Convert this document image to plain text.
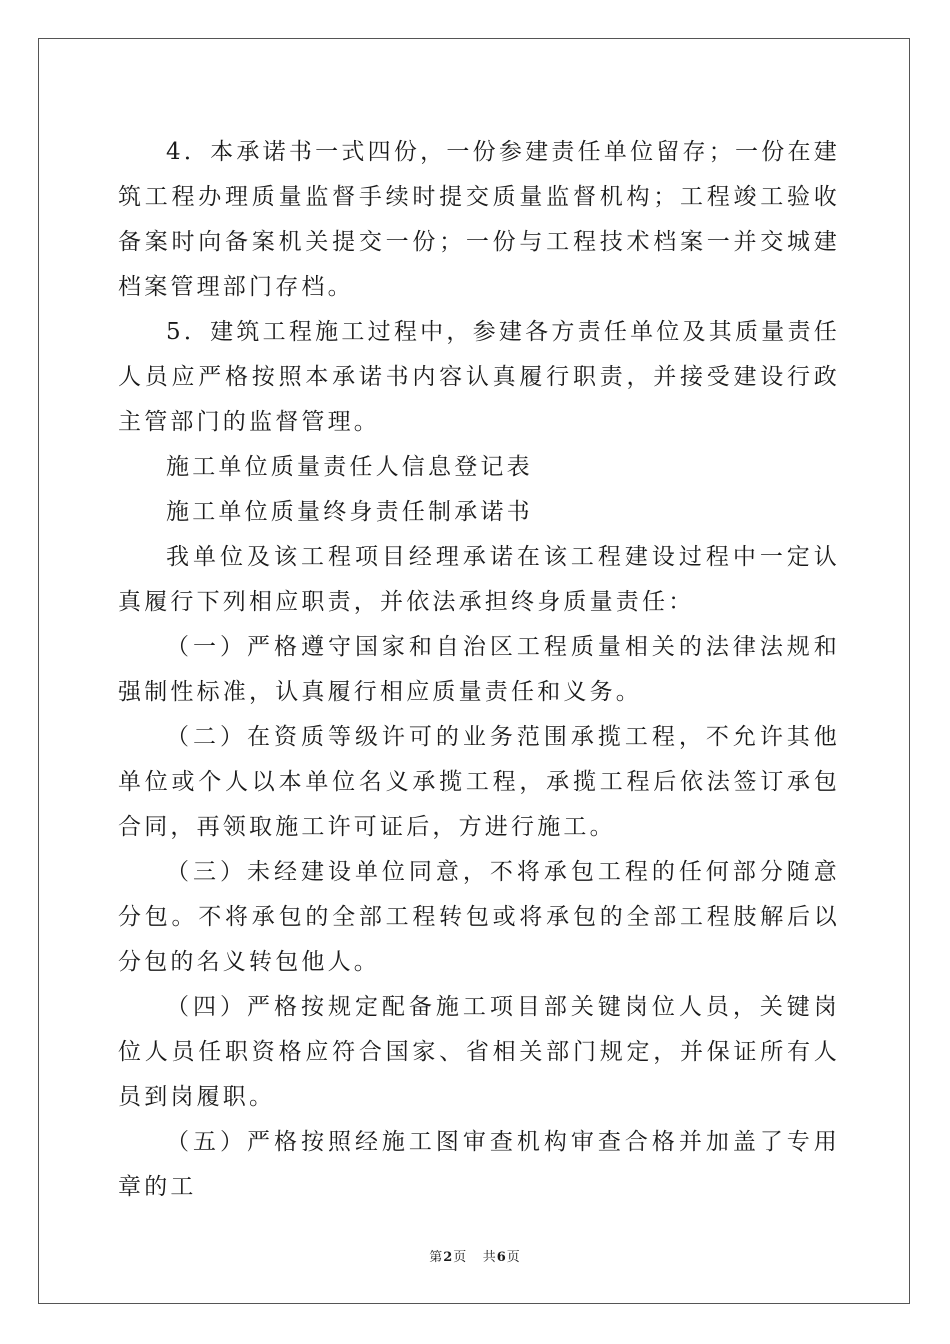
4．本承诺书一式四份，一份参建责任单位留存；一份在建筑工程办理质量监督手续时提交质量监督机构；工程竣工验收备案时向备案机关提交一份；一份与工程技术档案一并交城建档案管理部门存档。

5．建筑工程施工过程中，参建各方责任单位及其质量责任人员应严格按照本承诺书内容认真履行职责，并接受建设行政主管部门的监督管理。

施工单位质量责任人信息登记表

施工单位质量终身责任制承诺书

我单位及该工程项目经理承诺在该工程建设过程中一定认真履行下列相应职责，并依法承担终身质量责任：

（一）严格遵守国家和自治区工程质量相关的法律法规和强制性标准，认真履行相应质量责任和义务。

（二）在资质等级许可的业务范围承揽工程，不允许其他单位或个人以本单位名义承揽工程，承揽工程后依法签订承包合同，再领取施工许可证后，方进行施工。

（三）未经建设单位同意，不将承包工程的任何部分随意分包。不将承包的全部工程转包或将承包的全部工程肢解后以分包的名义转包他人。

（四）严格按规定配备施工项目部关键岗位人员，关键岗位人员任职资格应符合国家、省相关部门规定，并保证所有人员到岗履职。

（五）严格按照经施工图审查机构审查合格并加盖了专用章的工

第2页 共6页
